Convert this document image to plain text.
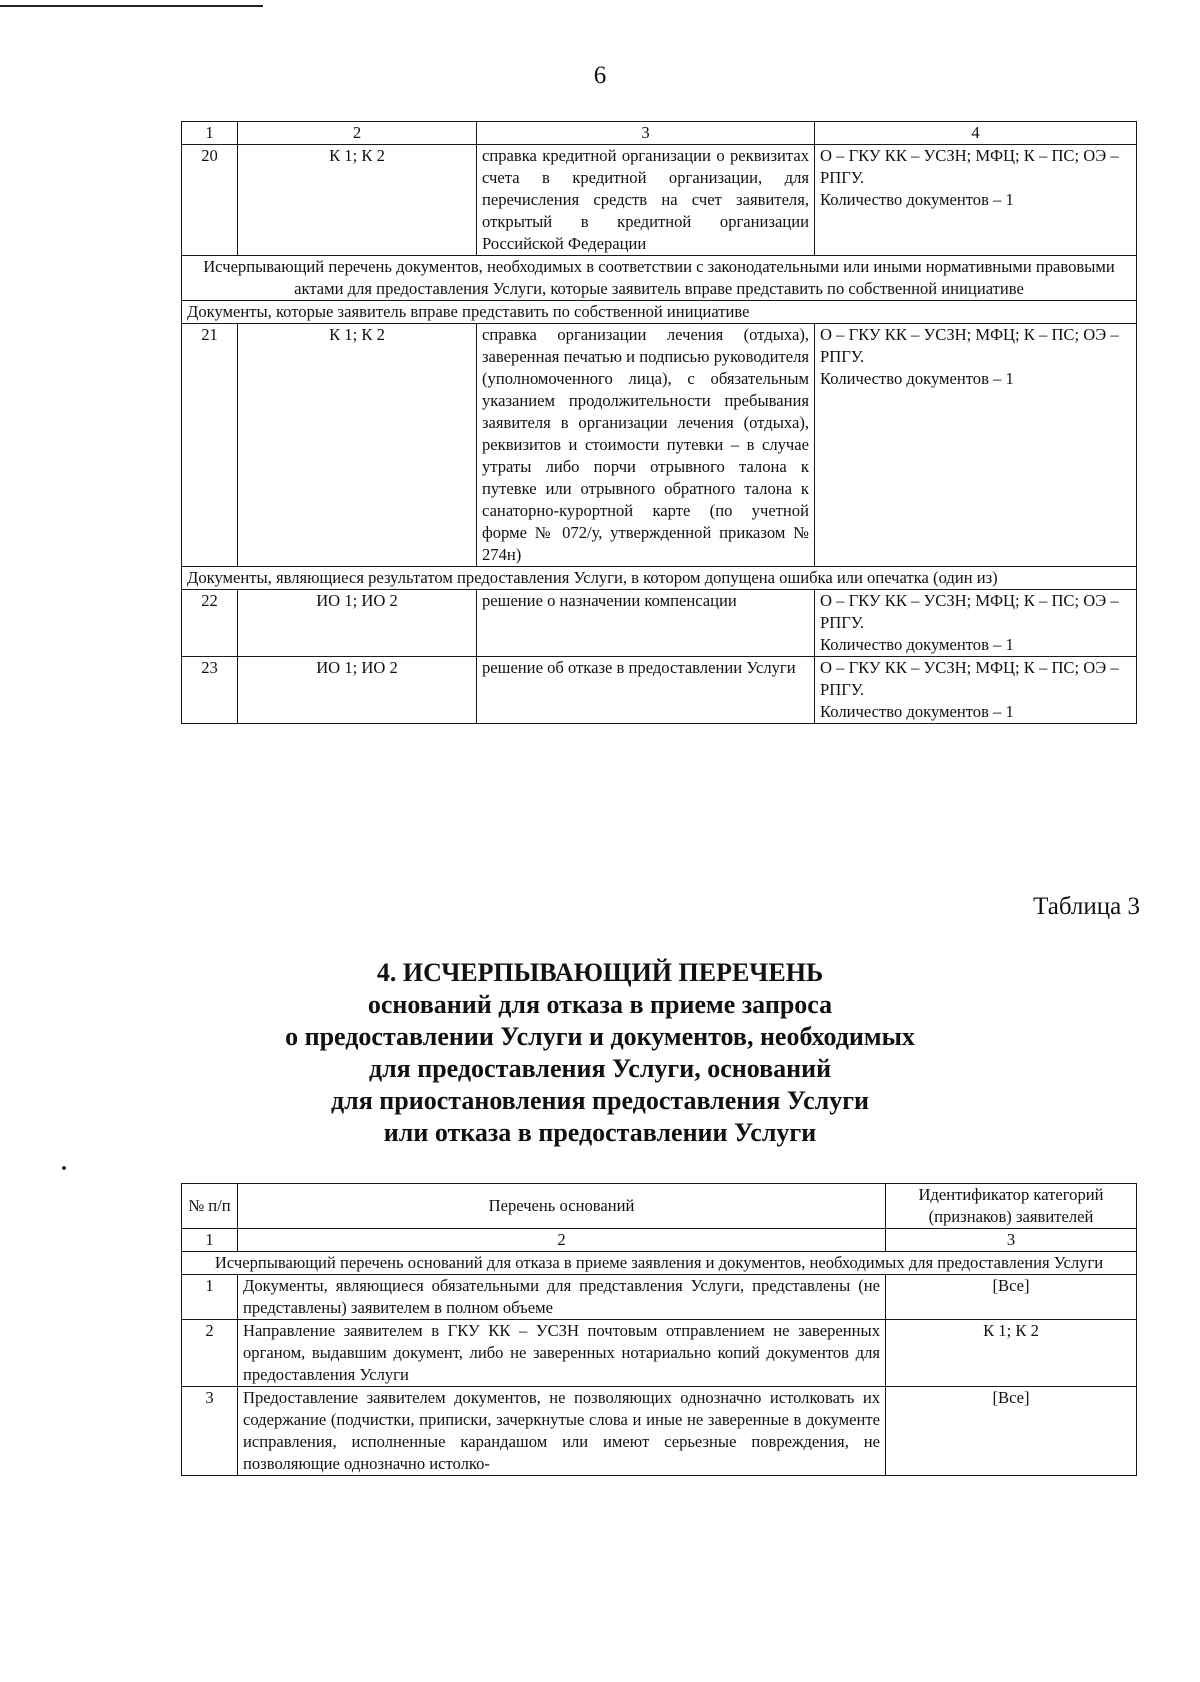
6
1	2	3	4
20	К 1; К 2	справка кредитной организации о реквизитах счета в кредитной организации, для перечисления средств на счет заявителя, открытый в кредитной организации Российской Федерации	О – ГКУ КК – УСЗН; МФЦ; К – ПС; ОЭ – РПГУ.
Количество документов – 1

Исчерпывающий перечень документов, необходимых в соответствии с законодательными или иными нормативными правовыми актами для предоставления Услуги, которые заявитель вправе представить по собственной инициативе			
Документы, которые заявитель вправе представить по собственной инициативе			
21	К 1; К 2	справка организации лечения (отдыха), заверенная печатью и подписью руководителя (уполномоченного лица), с обязательным указанием продолжительности пребывания заявителя в организации лечения (отдыха), реквизитов и стоимости путевки – в случае утраты либо порчи отрывного талона к путевке или отрывного обратного талона к санаторно-курортной карте (по учетной форме № 072/у, утвержденной приказом № 274н)	О – ГКУ КК – УСЗН; МФЦ; К – ПС; ОЭ – РПГУ.
Количество документов – 1

Документы, являющиеся результатом предоставления Услуги, в котором допущена ошибка или опечатка (один из)			
22	ИО 1; ИО 2	решение о назначении компенсации	О – ГКУ КК – УСЗН; МФЦ; К – ПС; ОЭ – РПГУ.
Количество документов – 1

23	ИО 1; ИО 2	решение об отказе в предоставлении Услуги	О – ГКУ КК – УСЗН; МФЦ; К – ПС; ОЭ – РПГУ.
Количество документов – 1
Таблица 3
4. ИСЧЕРПЫВАЮЩИЙ ПЕРЕЧЕНЬ
оснований для отказа в приеме запроса
о предоставлении Услуги и документов, необходимых
для предоставления Услуги, оснований
для приостановления предоставления Услуги
или отказа в предоставлении Услуги
№ п/п	Перечень оснований	Идентификатор категорий (признаков) заявителей
1	2	3
Исчерпывающий перечень оснований для отказа в приеме заявления и документов, необходимых для предоставления Услуги		
1	Документы, являющиеся обязательными для представления Услуги, представлены (не представлены) заявителем в полном объеме	[Все]
2	Направление заявителем в ГКУ КК – УСЗН почтовым отправлением не заверенных органом, выдавшим документ, либо не заверенных нотариально копий документов для предоставления Услуги	К 1; К 2
3	Предоставление заявителем документов, не позволяющих однозначно истолковать их содержание (подчистки, приписки, зачеркнутые слова и иные не заверенные в документе исправления, исполненные карандашом или имеют серьезные повреждения, не позволяющие однозначно истолко-	[Все]
